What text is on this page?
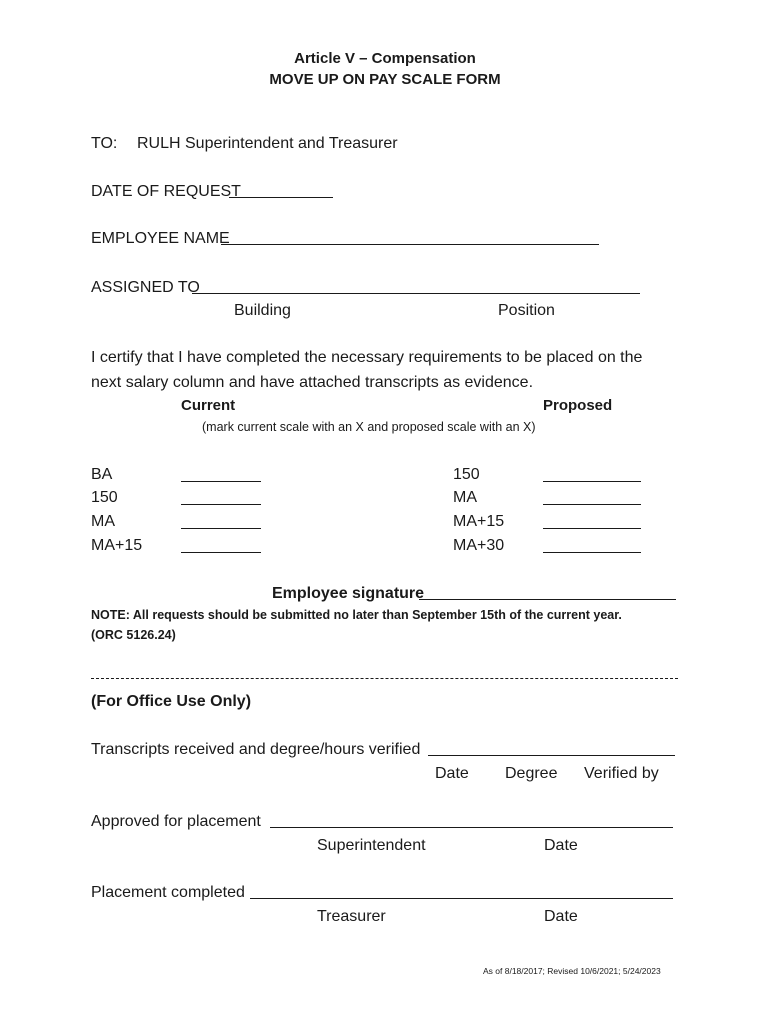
Article V – Compensation
MOVE UP ON PAY SCALE FORM
TO: RULH Superintendent and Treasurer
DATE OF REQUEST
EMPLOYEE NAME
ASSIGNED TO
Building	Position
I certify that I have completed the necessary requirements to be placed on the
next salary column and have attached transcripts as evidence.
Current	Proposed
(mark current scale with an X and proposed scale with an X)
BA	150
150	MA
MA	MA+15
MA+15	MA+30
Employee signature
NOTE: All requests should be submitted no later than September 15th of the current year.
(ORC 5126.24)
(For Office Use Only)
Transcripts received and degree/hours verified
Date Degree Verified by
Approved for placement
Superintendent	Date
Placement completed
Treasurer	Date
As of 8/18/2017; Revised 10/6/2021; 5/24/2023
